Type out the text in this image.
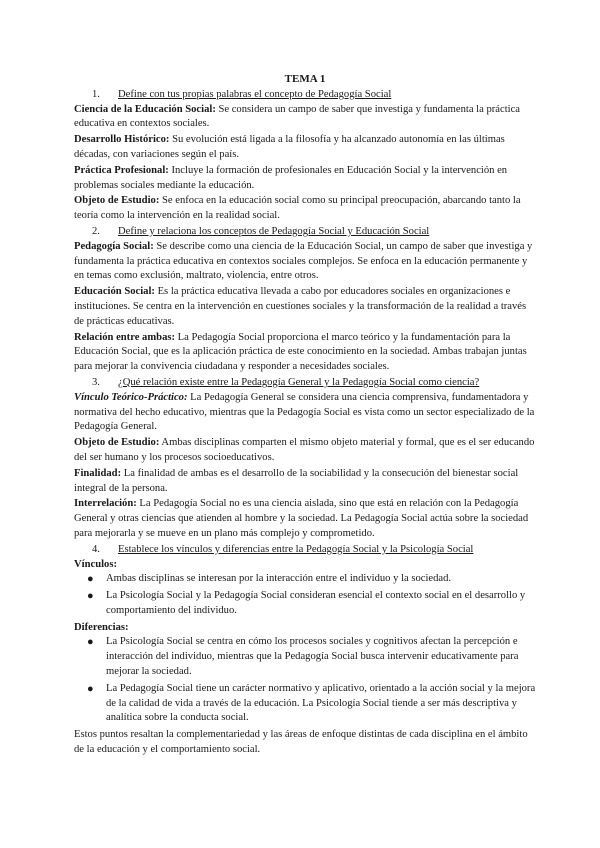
TEMA 1
1. Define con tus propias palabras el concepto de Pedagogía Social

Ciencia de la Educación Social: Se considera un campo de saber que investiga y fundamenta la práctica educativa en contextos sociales.

Desarrollo Histórico: Su evolución está ligada a la filosofía y ha alcanzado autonomía en las últimas décadas, con variaciones según el país.

Práctica Profesional: Incluye la formación de profesionales en Educación Social y la intervención en problemas sociales mediante la educación.

Objeto de Estudio: Se enfoca en la educación social como su principal preocupación, abarcando tanto la teoría como la intervención en la realidad social.

2. Define y relaciona los conceptos de Pedagogía Social y Educación Social

Pedagogía Social: Se describe como una ciencia de la Educación Social, un campo de saber que investiga y fundamenta la práctica educativa en contextos sociales complejos. Se enfoca en la educación permanente y en temas como exclusión, maltrato, violencia, entre otros.

Educación Social: Es la práctica educativa llevada a cabo por educadores sociales en organizaciones e instituciones. Se centra en la intervención en cuestiones sociales y la transformación de la realidad a través de prácticas educativas.

Relación entre ambas: La Pedagogía Social proporciona el marco teórico y la fundamentación para la Educación Social, que es la aplicación práctica de este conocimiento en la sociedad. Ambas trabajan juntas para mejorar la convivencia ciudadana y responder a necesidades sociales.

3. ¿Qué relación existe entre la Pedagogía General y la Pedagogía Social como ciencia?

Vínculo Teórico-Práctico: La Pedagogía General se considera una ciencia comprensiva, fundamentadora y normativa del hecho educativo, mientras que la Pedagogía Social es vista como un sector especializado de la Pedagogía General.

Objeto de Estudio: Ambas disciplinas comparten el mismo objeto material y formal, que es el ser educando del ser humano y los procesos socioeducativos.

Finalidad: La finalidad de ambas es el desarrollo de la sociabilidad y la consecución del bienestar social integral de la persona.

Interrelación: La Pedagogía Social no es una ciencia aislada, sino que está en relación con la Pedagogía General y otras ciencias que atienden al hombre y la sociedad. La Pedagogía Social actúa sobre la sociedad para mejorarla y se mueve en un plano más complejo y comprometido.

4. Establece los vínculos y diferencias entre la Pedagogía Social y la Psicología Social

Vínculos:

● Ambas disciplinas se interesan por la interacción entre el individuo y la sociedad.
● La Psicología Social y la Pedagogía Social consideran esencial el contexto social en el desarrollo y comportamiento del individuo.

Diferencias:

● La Psicología Social se centra en cómo los procesos sociales y cognitivos afectan la percepción e interacción del individuo, mientras que la Pedagogía Social busca intervenir educativamente para mejorar la sociedad.
● La Pedagogía Social tiene un carácter normativo y aplicativo, orientado a la acción social y la mejora de la calidad de vida a través de la educación. La Psicología Social tiende a ser más descriptiva y analítica sobre la conducta social.

Estos puntos resaltan la complementariedad y las áreas de enfoque distintas de cada disciplina en el ámbito de la educación y el comportamiento social.
